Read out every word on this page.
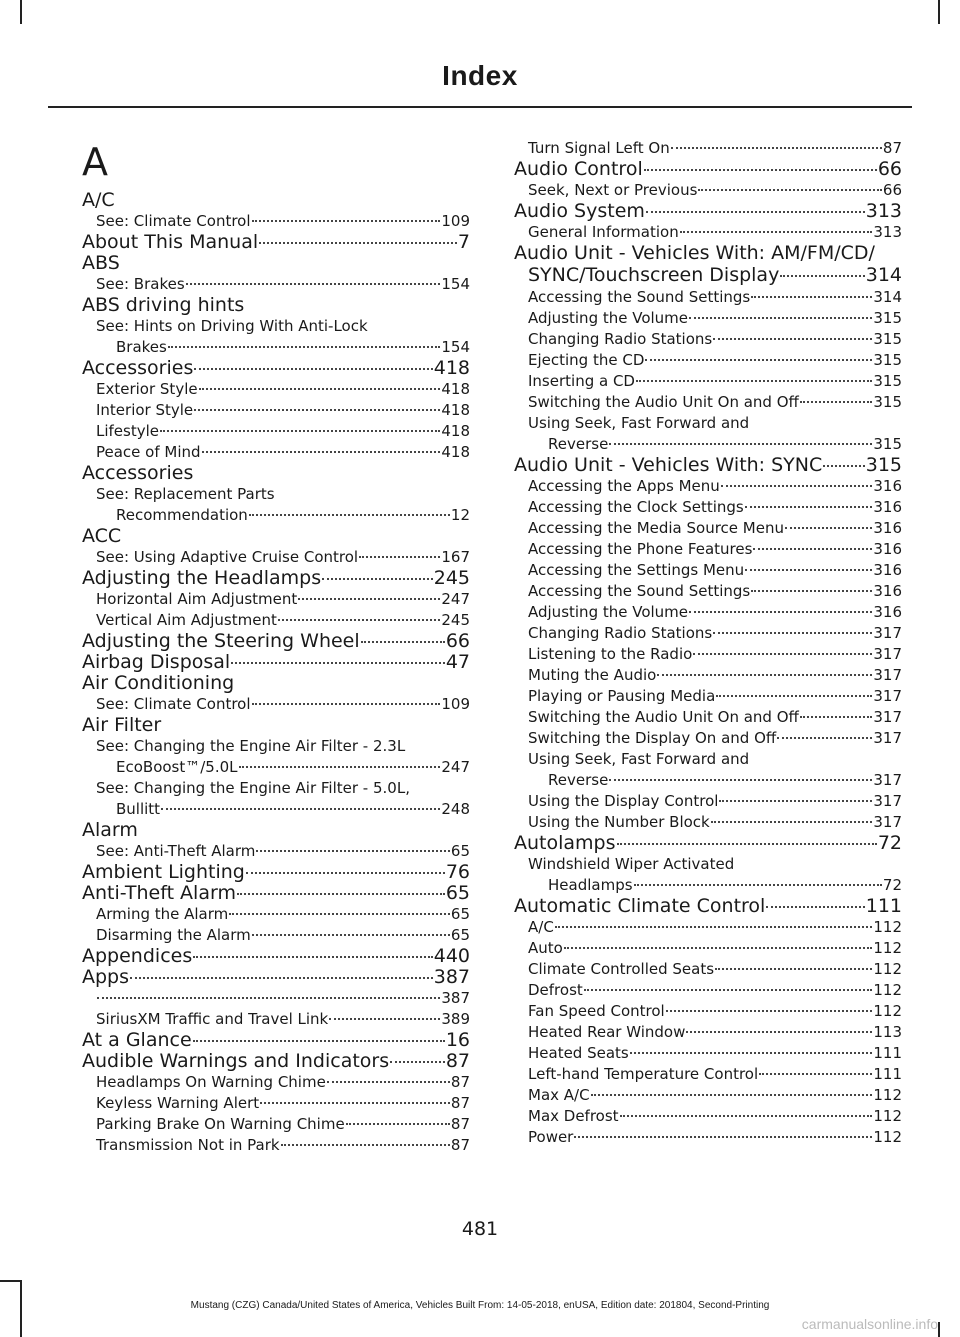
Index
A
A/C
See: Climate Control	109
About This Manual	7
ABS
See: Brakes	154
ABS driving hints
See: Hints on Driving With Anti-Lock
Brakes	154
Accessories	418
Exterior Style	418
Interior Style	418
Lifestyle	418
Peace of Mind	418
Accessories
See: Replacement Parts
Recommendation	12
ACC
See: Using Adaptive Cruise Control	167
Adjusting the Headlamps	245
Horizontal Aim Adjustment	247
Vertical Aim Adjustment	245
Adjusting the Steering Wheel	66
Airbag Disposal	47
Air Conditioning
See: Climate Control	109
Air Filter
See: Changing the Engine Air Filter - 2.3L
EcoBoost™/5.0L	247
See: Changing the Engine Air Filter - 5.0L,
Bullitt	248
Alarm
See: Anti-Theft Alarm	65
Ambient Lighting	76
Anti-Theft Alarm	65
Arming the Alarm	65
Disarming the Alarm	65
Appendices	440
Apps	387
387
SiriusXM Traffic and Travel Link	389
At a Glance	16
Audible Warnings and Indicators	87
Headlamps On Warning Chime	87
Keyless Warning Alert	87
Parking Brake On Warning Chime	87
Transmission Not in Park	87
Turn Signal Left On	87
Audio Control	66
Seek, Next or Previous	66
Audio System	313
General Information	313
Audio Unit - Vehicles With: AM/FM/CD/
SYNC/Touchscreen Display	314
Accessing the Sound Settings	314
Adjusting the Volume	315
Changing Radio Stations	315
Ejecting the CD	315
Inserting a CD	315
Switching the Audio Unit On and Off	315
Using Seek, Fast Forward and
Reverse	315
Audio Unit - Vehicles With: SYNC 315
Accessing the Apps Menu	316
Accessing the Clock Settings	316
Accessing the Media Source Menu	316
Accessing the Phone Features	316
Accessing the Settings Menu	316
Accessing the Sound Settings	316
Adjusting the Volume	316
Changing Radio Stations	317
Listening to the Radio	317
Muting the Audio	317
Playing or Pausing Media	317
Switching the Audio Unit On and Off	317
Switching the Display On and Off	317
Using Seek, Fast Forward and
Reverse	317
Using the Display Control	317
Using the Number Block	317
Autolamps	72
Windshield Wiper Activated
Headlamps	72
Automatic Climate Control	111
A/C	112
Auto	112
Climate Controlled Seats	112
Defrost	112
Fan Speed Control	112
Heated Rear Window	113
Heated Seats	111
Left-hand Temperature Control	111
Max A/C	112
Max Defrost	112
Power	112
481
Mustang (CZG) Canada/United States of America, Vehicles Built From: 14-05-2018, enUSA, Edition date: 201804, Second-Printing
carmanualsonline.info
